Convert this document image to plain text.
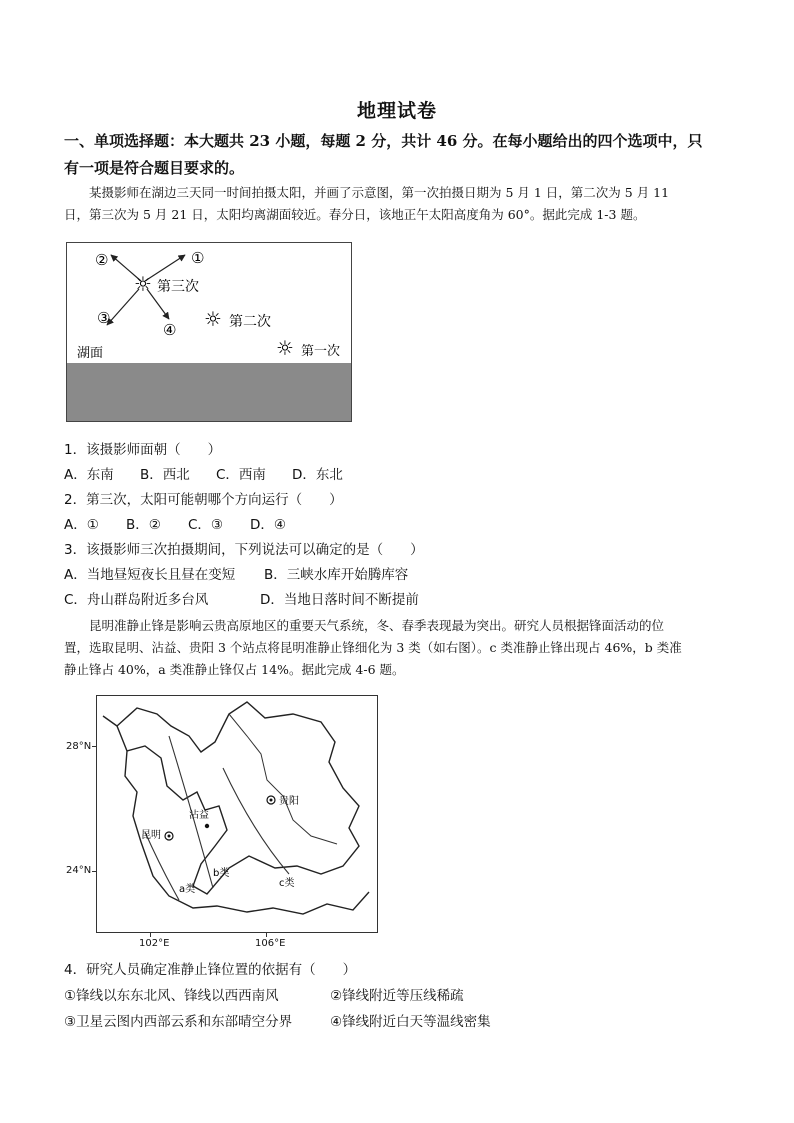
地理试卷
一、单项选择题：本大题共 23 小题，每题 2 分，共计 46 分。在每小题给出的四个选项中，只
有一项是符合题目要求的。
某摄影师在湖边三天同一时间拍摄太阳，并画了示意图，第一次拍摄日期为 5 月 1 日，第二次为 5 月 11
日，第三次为 5 月 21 日，太阳均离湖面较近。春分日，该地正午太阳高度角为 60°。据此完成 1-3 题。
☼ 第三次
☼ 第二次
☼ 第一次
①
②
③
④
湖面
1．该摄影师面朝（　　）
A．东南 B．西北 C．西南 D．东北
2．第三次，太阳可能朝哪个方向运行（　　）
A．① B．② C．③ D．④
3．该摄影师三次拍摄期间，下列说法可以确定的是（　　）
A．当地昼短夜长且昼在变短 B．三峡水库开始腾库容
C．舟山群岛附近多台风	D．当地日落时间不断提前
昆明准静止锋是影响云贵高原地区的重要天气系统，冬、春季表现最为突出。研究人员根据锋面活动的位
置，选取昆明、沾益、贵阳 3 个站点将昆明准静止锋细化为 3 类（如右图）。c 类准静止锋出现占 46%，b 类准
静止锋占 40%，a 类准静止锋仅占 14%。据此完成 4-6 题。
28°N
24°N
102°E	106°E
贵阳
昆明
沾益
a类
b类
c类
4．研究人员确定准静止锋位置的依据有（　　）
①锋线以东东北风、锋线以西西南风	②锋线附近等压线稀疏
③卫星云图内西部云系和东部晴空分界	④锋线附近白天等温线密集
